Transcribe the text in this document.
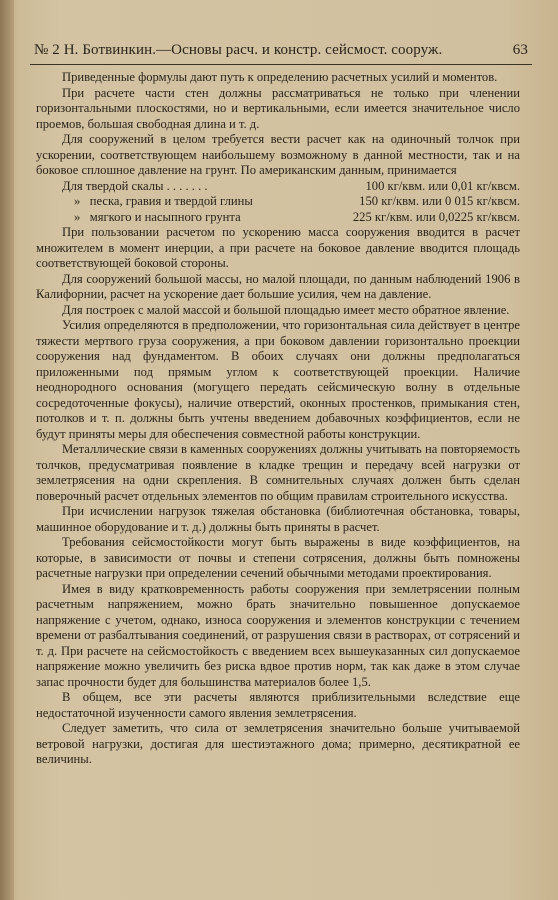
№ 2 Н. Ботвинкин.—Основы расч. и констр. сейсмост. сооруж.	63

Приведенные формулы дают путь к определению расчетных усилий и моментов.

При расчете части стен должны рассматриваться не только при членении горизонтальными плоскостями, но и вертикальными, если имеется значительное число проемов, большая свободная длина и т. д.

Для сооружений в целом требуется вести расчет как на одиночный толчок при ускорении, соответствующем наибольшему возможному в данной местности, так и на боковое сплошное давление на грунт. По американским данным, принимается

Для твердой скалы . . . . . . .	100 кг/квм. или 0,01 кг/квсм.
»   песка, гравия и твердой глины	150 кг/квм. или 0 015 кг/квсм.
»   мягкого и насыпного грунта	225 кг/квм. или 0,0225 кг/квсм.

При пользовании расчетом по ускорению масса сооружения вводится в расчет множителем в момент инерции, а при расчете на боковое давление вводится площадь соответствующей боковой стороны.

Для сооружений большой массы, но малой площади, по данным наблюдений 1906 в Калифорнии, расчет на ускорение дает большие усилия, чем на давление.

Для построек с малой массой и большой площадью имеет место обратное явление.

Усилия определяются в предположении, что горизонтальная сила действует в центре тяжести мертвого груза сооружения, а при боковом давлении горизонтально проекции сооружения над фундаментом. В обоих случаях они должны предполагаться приложенными под прямым углом к соответствующей проекции. Наличие неоднородного основания (могущего передать сейсмическую волну в отдельные сосредоточенные фокусы), наличие отверстий, оконных простенков, примыкания стен, потолков и т. п. должны быть учтены введением добавочных коэффициентов, если не будут приняты меры для обеспечения совместной работы конструкции.

Металлические связи в каменных сооружениях должны учитывать на повторяемость толчков, предусматривая появление в кладке трещин и передачу всей нагрузки от землетрясения на одни скрепления. В сомнительных случаях должен быть сделан поверочный расчет отдельных элементов по общим правилам строительного искусства.

При исчислении нагрузок тяжелая обстановка (библиотечная обстановка, товары, машинное оборудование и т. д.) должны быть приняты в расчет.

Требования сейсмостойкости могут быть выражены в виде коэффициентов, на которые, в зависимости от почвы и степени сотрясения, должны быть помножены расчетные нагрузки при определении сечений обычными методами проектирования.

Имея в виду кратковременность работы сооружения при землетрясении полным расчетным напряжением, можно брать значительно повышенное допускаемое напряжение с учетом, однако, износа сооружения и элементов конструкции с течением времени от разбалтывания соединений, от разрушения связи в растворах, от сотрясений и т. д. При расчете на сейсмостойкость с введением всех вышеуказанных сил допускаемое напряжение можно увеличить без риска вдвое против норм, так как даже в этом случае запас прочности будет для большинства материалов более 1,5.

В общем, все эти расчеты являются приблизительными вследствие еще недостаточной изученности самого явления землетрясения.

Следует заметить, что сила от землетрясения значительно больше учитываемой ветровой нагрузки, достигая для шестиэтажного дома; примерно, десятикратной ее величины.
